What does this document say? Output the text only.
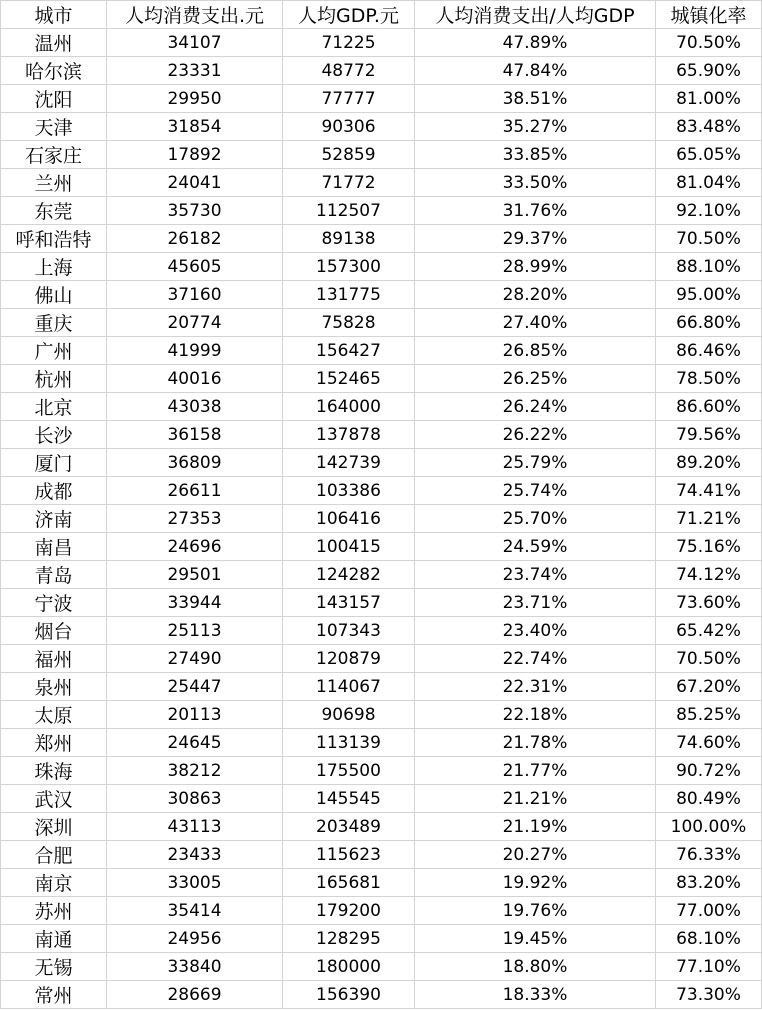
城市	人均消费支出.元	人均GDP.元	人均消费支出/人均GDP	城镇化率
温州	34107	71225	47.89%	70.50%
哈尔滨	23331	48772	47.84%	65.90%
沈阳	29950	77777	38.51%	81.00%
天津	31854	90306	35.27%	83.48%
石家庄	17892	52859	33.85%	65.05%
兰州	24041	71772	33.50%	81.04%
东莞	35730	112507	31.76%	92.10%
呼和浩特	26182	89138	29.37%	70.50%
上海	45605	157300	28.99%	88.10%
佛山	37160	131775	28.20%	95.00%
重庆	20774	75828	27.40%	66.80%
广州	41999	156427	26.85%	86.46%
杭州	40016	152465	26.25%	78.50%
北京	43038	164000	26.24%	86.60%
长沙	36158	137878	26.22%	79.56%
厦门	36809	142739	25.79%	89.20%
成都	26611	103386	25.74%	74.41%
济南	27353	106416	25.70%	71.21%
南昌	24696	100415	24.59%	75.16%
青岛	29501	124282	23.74%	74.12%
宁波	33944	143157	23.71%	73.60%
烟台	25113	107343	23.40%	65.42%
福州	27490	120879	22.74%	70.50%
泉州	25447	114067	22.31%	67.20%
太原	20113	90698	22.18%	85.25%
郑州	24645	113139	21.78%	74.60%
珠海	38212	175500	21.77%	90.72%
武汉	30863	145545	21.21%	80.49%
深圳	43113	203489	21.19%	100.00%
合肥	23433	115623	20.27%	76.33%
南京	33005	165681	19.92%	83.20%
苏州	35414	179200	19.76%	77.00%
南通	24956	128295	19.45%	68.10%
无锡	33840	180000	18.80%	77.10%
常州	28669	156390	18.33%	73.30%
